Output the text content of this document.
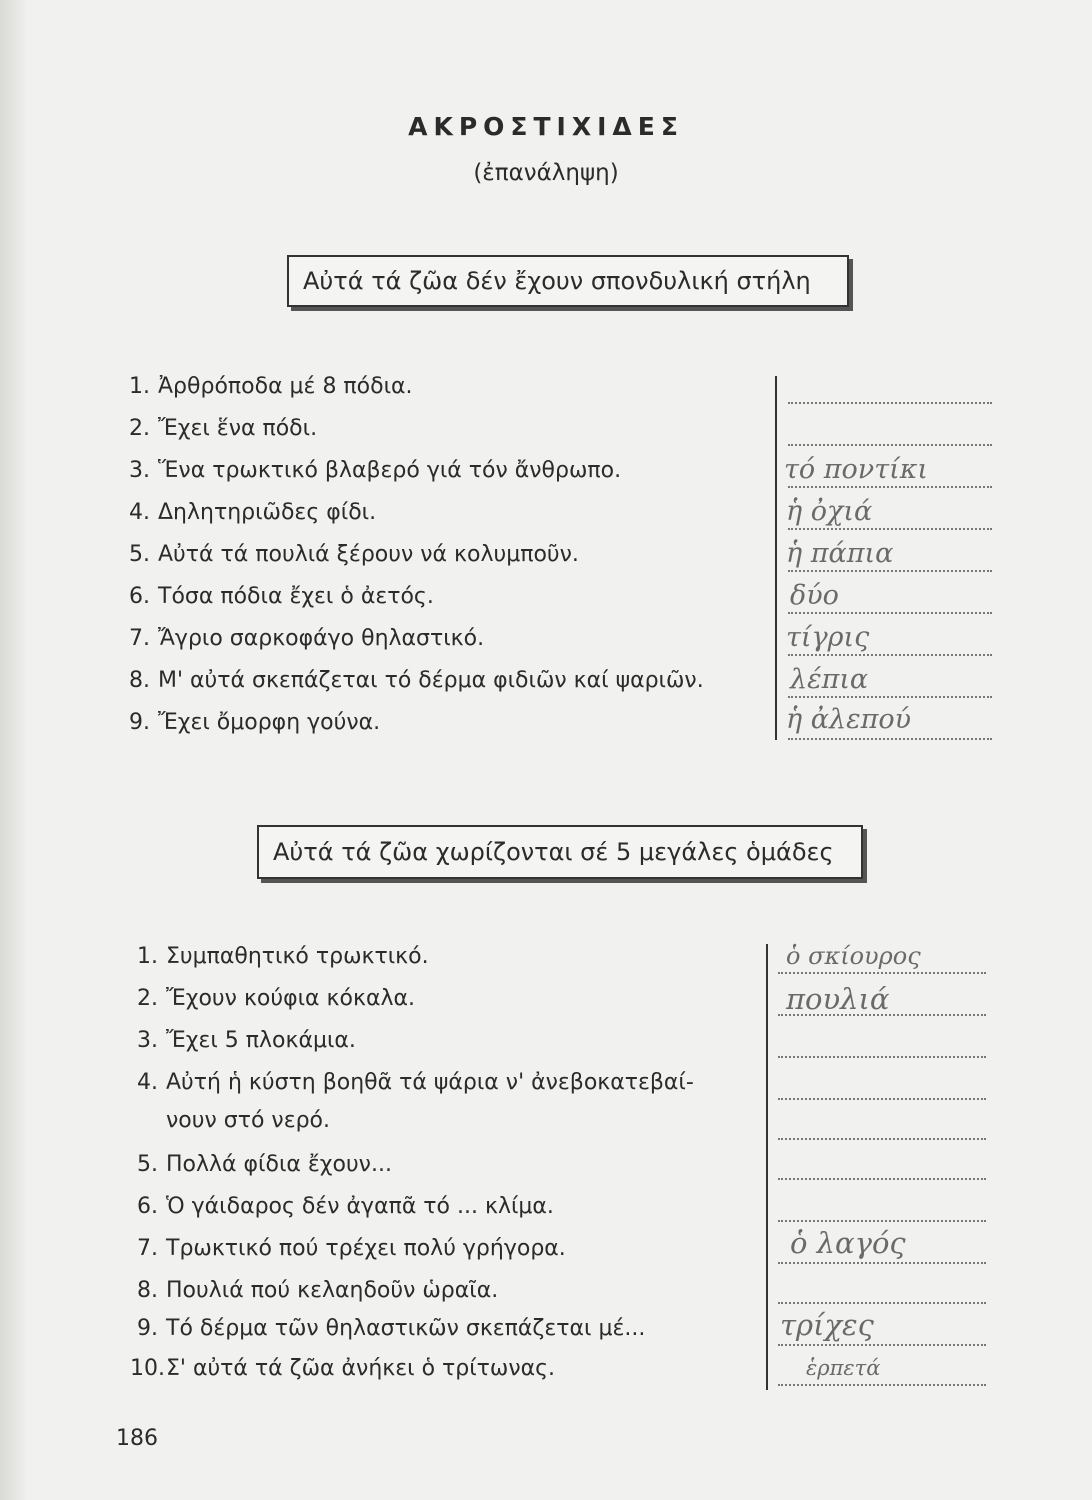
ΑΚΡΟΣΤΙΧΙΔΕΣ
(ἐπανάληψη)
Αὐτά τά ζῶα δέν ἔχουν σπονδυλική στήλη
1. Ἀρθρόποδα μέ 8 πόδια.
2. Ἔχει ἕνα πόδι.
3. Ἕνα τρωκτικό βλαβερό γιά τόν ἄνθρωπο.
4. Δηλητηριῶδες φίδι.
5. Αὐτά τά πουλιά ξέρουν νά κολυμποῦν.
6. Τόσα πόδια ἔχει ὁ ἀετός.
7. Ἄγριο σαρκοφάγο θηλαστικό.
8. Μ' αὐτά σκεπάζεται τό δέρμα φιδιῶν καί ψαριῶν.
9. Ἔχει ὄμορφη γούνα.
τό ποντίκι
ἡ ὀχιά
ἡ πάπια
δύο
τίγρις
λέπια
ἡ ἀλεπού
Αὐτά τά ζῶα χωρίζονται σέ 5 μεγάλες ὁμάδες
1. Συμπαθητικό τρωκτικό.
2. Ἔχουν κούφια κόκαλα.
3. Ἔχει 5 πλοκάμια.
4. Αὐτή ἡ κύστη βοηθᾶ τά ψάρια ν' ἀνεβοκατεβαί-
νουν στό νερό.
5. Πολλά φίδια ἔχουν...
6. Ὁ γάιδαρος δέν ἀγαπᾶ τό ... κλίμα.
7. Τρωκτικό πού τρέχει πολύ γρήγορα.
8. Πουλιά πού κελαηδοῦν ὡραῖα.
9. Τό δέρμα τῶν θηλαστικῶν σκεπάζεται μέ...
10.Σ' αὐτά τά ζῶα ἀνήκει ὁ τρίτωνας.
ὁ σκίουρος
πουλιά
ὁ λαγός
τρίχες
ἑρπετά
186
